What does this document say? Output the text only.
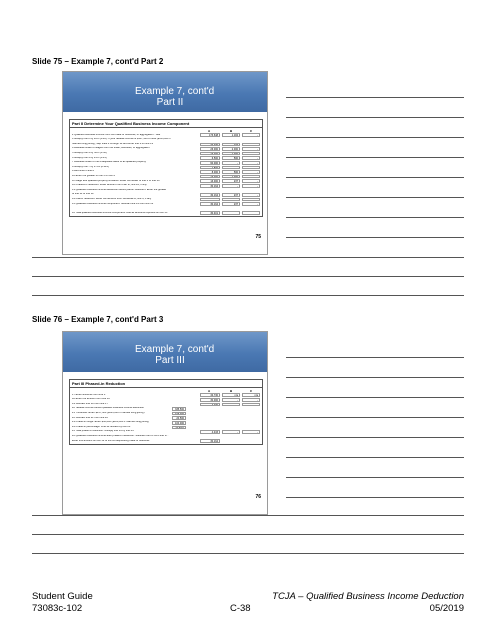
Slide 75 – Example 7, cont'd Part 2
Example 7, cont'd
Part II
Part II Determine Your Qualified Business Income Component
A	B	C
2 Qualified business income from the trade or business, or aggregation . See
173,648	1,184	-
3 Multiply line 2 by 20% (0.20). If your taxable income is $157,500 or less ($315,000 if
married filing jointly), skip lines 4 through 12 and enter line 3 on line 13
34,730	237	-
4 Allocable share of wages from the trade, business, or aggregation
26,000	2,000	-
5 Multiply line 4 by 50% (0.50)
13,000	1,000	-
6 Multiply line 4 by 25% (0.25)
6,500	500	-
7 Allocable share of the unadjusted basis of all qualified property
60,000	-	-
8 Multiply line 7 by 2.5% (0.025)
1,500	-	-
9 Add lines 6 and 8
8,000	500	-
10 Enter the greater of line 5 or line 9
13,000	1,000	-
11 Wage and qualified property limitation. Enter the lesser of line 3 or line 10
13,000	237	-
12 Phased-in reduction. Enter amount from Part III, line 26, if any
30,164	-	-
13 Qualified business income deduction before patron reduction. Enter the greater
of line 11 or line 12
30,164	237	-
14 Patron reduction. Enter the amount from Schedule D, line 6, if any
-	-	-
15 Qualified business income component. Subtract line 14 from line 13
30,164	237	-
16 Total qualified business income component. Add all amounts reported on line 15
30,401
75
Slide 76 – Example 7, cont'd Part 3
Example 7, cont'd
Part III
Part III Phased-in Reduction
A	B	C
17 Enter amounts from line 3
34,730	n/a	n/a
18 Enter the amount from line 10
30,000	-	-
19 Subtract line 18 from line 17
4,730	-	-
20 Taxable income before qualified business income deduction
335,500
21 Threshold. Enter $157,500 ($315,000 if married filing jointly)
315,000
22 Subtract line 21 from line 20
20,500
23 Phase-in range. Enter $50,000 ($100,000 if married filing jointly)
100,000
24 Phase-in percentage. Line 22 divided by line 23
20.50%
25 Total phase-in reduction. Multiply line 19 by line 24
4,433	-	-
26 Qualified business income after phase-in reduction. Subtract line 25 from line 17.
Enter this amount on line 12 of the corresponding trade or business
30,164
76
Student Guide
73083c-102	C-38
TCJA – Qualified Business Income Deduction
05/2019
